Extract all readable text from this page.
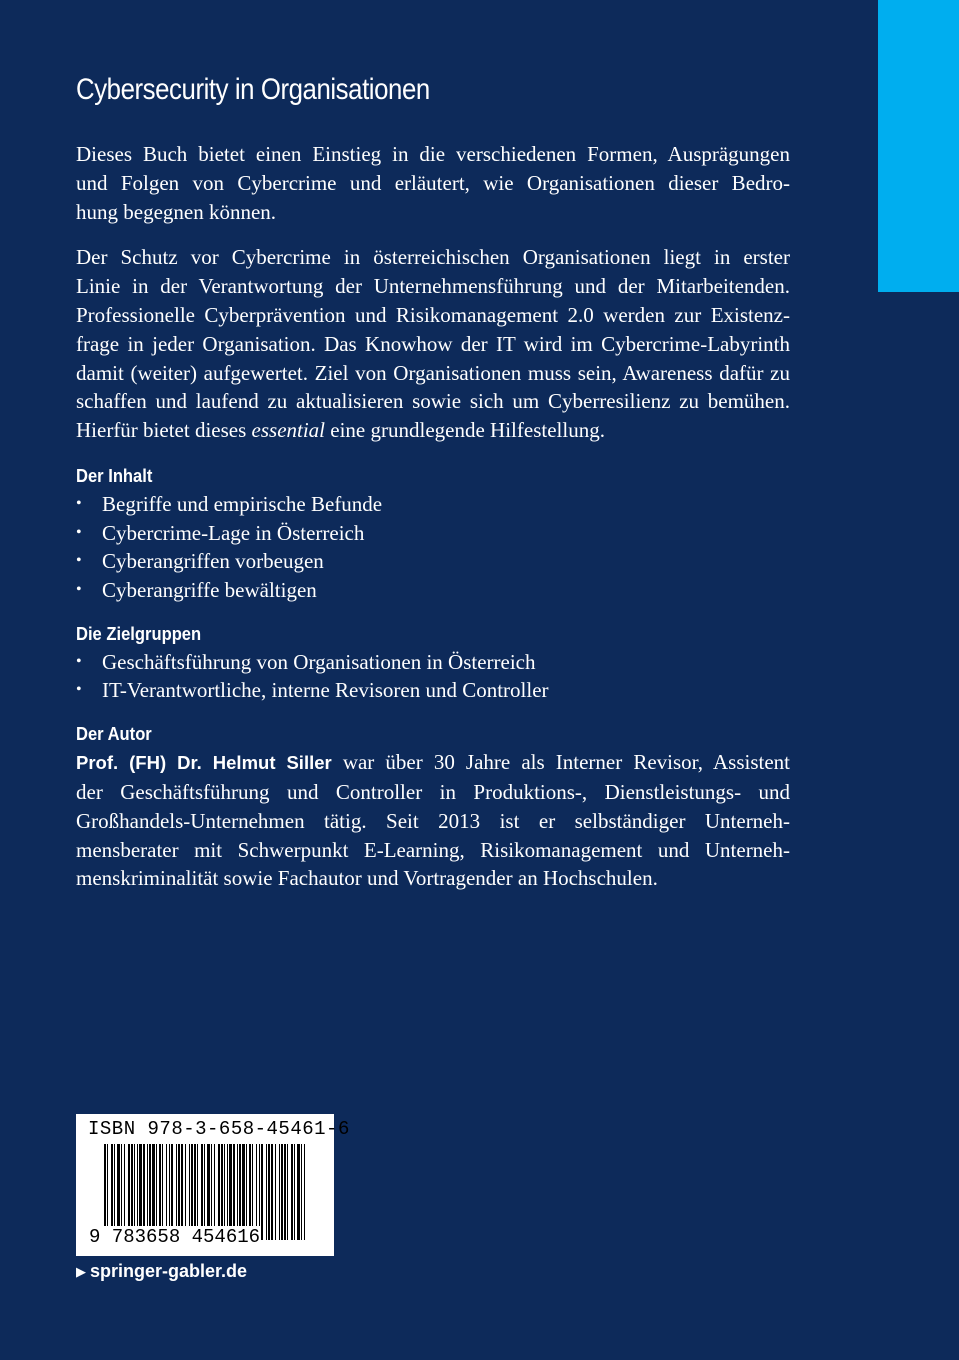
Cybersecurity in Organisationen

Dieses Buch bietet einen Einstieg in die verschiedenen Formen, Ausprägungen
und Folgen von Cybercrime und erläutert, wie Organisationen dieser Bedro-
hung begegnen können.

Der Schutz vor Cybercrime in österreichischen Organisationen liegt in erster
Linie in der Verantwortung der Unternehmensführung und der Mitarbeitenden.
Professionelle Cyberprävention und Risikomanagement 2.0 werden zur Existenz-
frage in jeder Organisation. Das Knowhow der IT wird im Cybercrime-Labyrinth
damit (weiter) aufgewertet. Ziel von Organisationen muss sein, Awareness dafür zu
schaffen und laufend zu aktualisieren sowie sich um Cyberresilienz zu bemühen.
Hierfür bietet dieses essential eine grundlegende Hilfestellung.

Der Inhalt
• Begriffe und empirische Befunde
• Cybercrime-Lage in Österreich
• Cyberangriffen vorbeugen
• Cyberangriffe bewältigen
Die Zielgruppen
• Geschäftsführung von Organisationen in Österreich
• IT-Verantwortliche, interne Revisoren und Controller
Der Autor

Prof. (FH) Dr. Helmut Siller war über 30 Jahre als Interner Revisor, Assistent
der Geschäftsführung und Controller in Produktions-, Dienstleistungs- und
Großhandels-Unternehmen tätig. Seit 2013 ist er selbständiger Unterneh-
mensberater mit Schwerpunkt E-Learning, Risikomanagement und Unterneh-
menskriminalität sowie Fachautor und Vortragender an Hochschulen.

ISBN 978-3-658-45461-6
9 783658 454616
▶ springer-gabler.de
